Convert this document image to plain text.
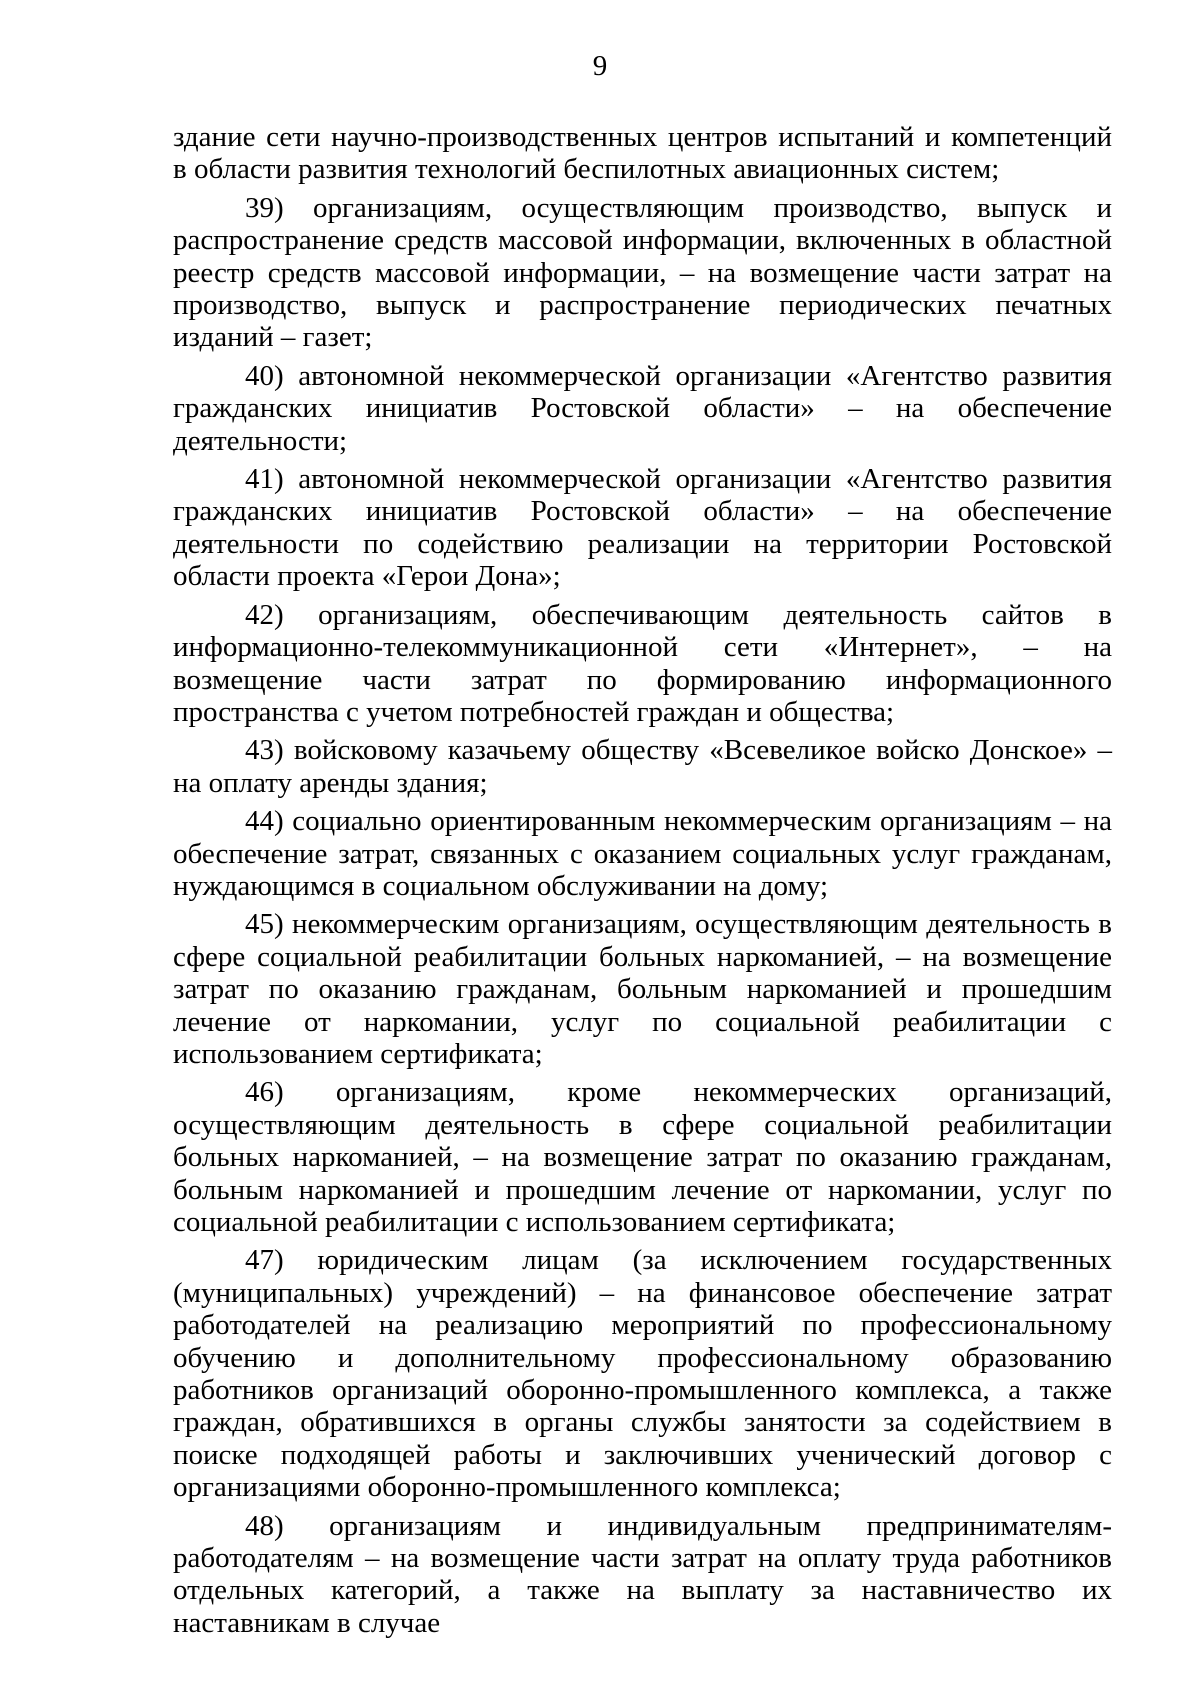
9

здание сети научно-производственных центров испытаний и компетенций в области развития технологий беспилотных авиационных систем;

39) организациям, осуществляющим производство, выпуск и распространение средств массовой информации, включенных в областной реестр средств массовой информации, – на возмещение части затрат на производство, выпуск и распространение периодических печатных изданий – газет;

40) автономной некоммерческой организации «Агентство развития гражданских инициатив Ростовской области» – на обеспечение деятельности;

41) автономной некоммерческой организации «Агентство развития гражданских инициатив Ростовской области» – на обеспечение деятельности по содействию реализации на территории Ростовской области проекта «Герои Дона»;

42) организациям, обеспечивающим деятельность сайтов в информационно-телекоммуникационной сети «Интернет», – на возмещение части затрат по формированию информационного пространства с учетом потребностей граждан и общества;

43) войсковому казачьему обществу «Всевеликое войско Донское» – на оплату аренды здания;

44) социально ориентированным некоммерческим организациям – на обеспечение затрат, связанных с оказанием социальных услуг гражданам, нуждающимся в социальном обслуживании на дому;

45) некоммерческим организациям, осуществляющим деятельность в сфере социальной реабилитации больных наркоманией, – на возмещение затрат по оказанию гражданам, больным наркоманией и прошедшим лечение от наркомании, услуг по социальной реабилитации с использованием сертификата;

46) организациям, кроме некоммерческих организаций, осуществляющим деятельность в сфере социальной реабилитации больных наркоманией, – на возмещение затрат по оказанию гражданам, больным наркоманией и прошедшим лечение от наркомании, услуг по социальной реабилитации с использованием сертификата;

47) юридическим лицам (за исключением государственных (муниципальных) учреждений) – на финансовое обеспечение затрат работодателей на реализацию мероприятий по профессиональному обучению и дополнительному профессиональному образованию работников организаций оборонно-промышленного комплекса, а также граждан, обратившихся в органы службы занятости за содействием в поиске подходящей работы и заключивших ученический договор с организациями оборонно-промышленного комплекса;

48) организациям и индивидуальным предпринимателям-работодателям – на возмещение части затрат на оплату труда работников отдельных категорий, а также на выплату за наставничество их наставникам в случае
